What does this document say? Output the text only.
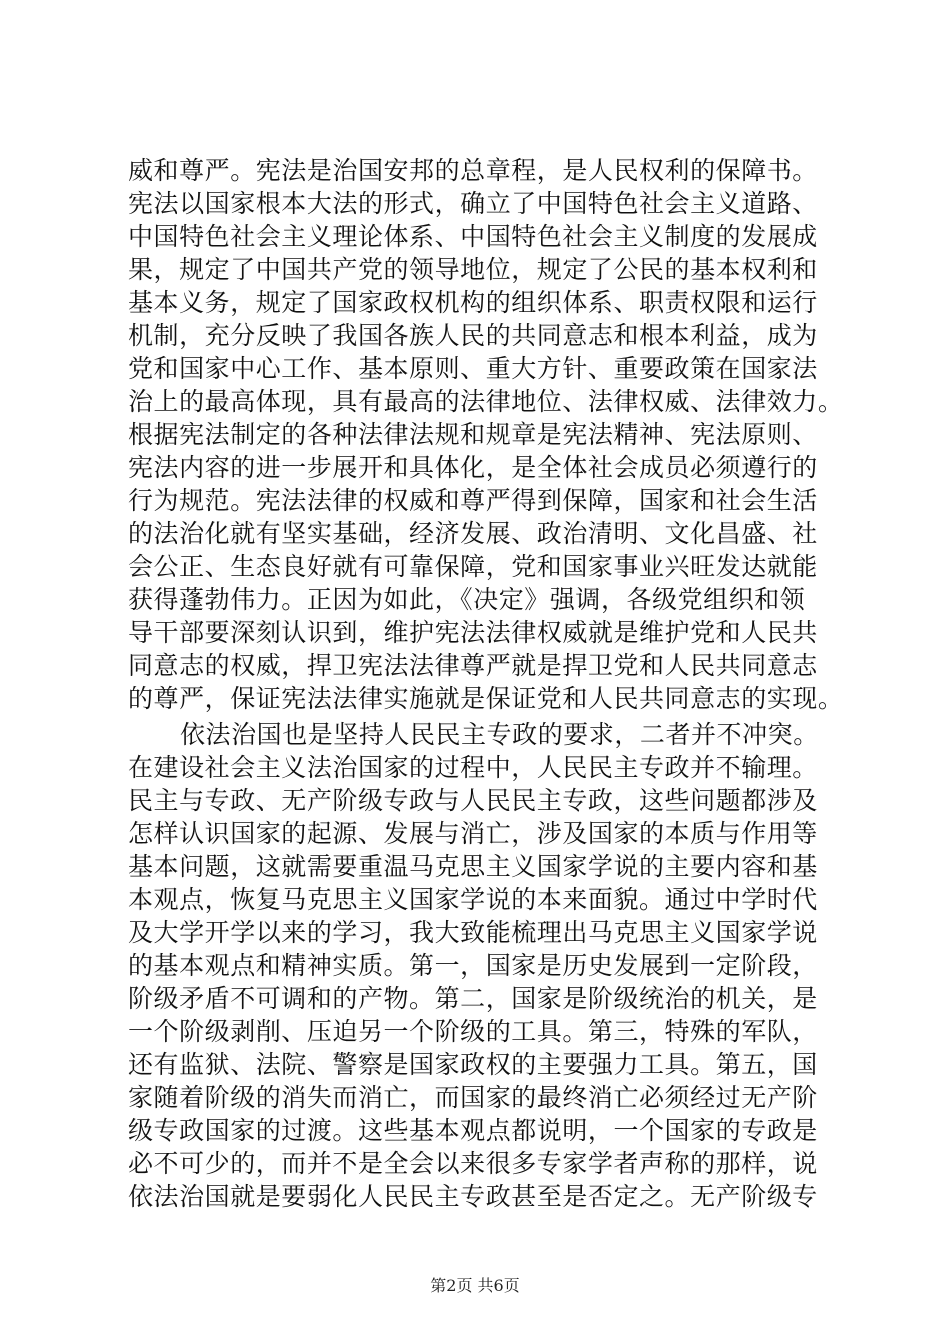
威和尊严。宪法是治国安邦的总章程，是人民权利的保障书。
宪法以国家根本大法的形式，确立了中国特色社会主义道路、
中国特色社会主义理论体系、中国特色社会主义制度的发展成
果，规定了中国共产党的领导地位，规定了公民的基本权利和
基本义务，规定了国家政权机构的组织体系、职责权限和运行
机制，充分反映了我国各族人民的共同意志和根本利益，成为
党和国家中心工作、基本原则、重大方针、重要政策在国家法
治上的最高体现，具有最高的法律地位、法律权威、法律效力。
根据宪法制定的各种法律法规和规章是宪法精神、宪法原则、
宪法内容的进一步展开和具体化，是全体社会成员必须遵行的
行为规范。宪法法律的权威和尊严得到保障，国家和社会生活
的法治化就有坚实基础，经济发展、政治清明、文化昌盛、社
会公正、生态良好就有可靠保障，党和国家事业兴旺发达就能
获得蓬勃伟力。正因为如此，《决定》强调，各级党组织和领
导干部要深刻认识到，维护宪法法律权威就是维护党和人民共
同意志的权威，捍卫宪法法律尊严就是捍卫党和人民共同意志
的尊严，保证宪法法律实施就是保证党和人民共同意志的实现。
依法治国也是坚持人民民主专政的要求，二者并不冲突。
在建设社会主义法治国家的过程中，人民民主专政并不输理。
民主与专政、无产阶级专政与人民民主专政，这些问题都涉及
怎样认识国家的起源、发展与消亡，涉及国家的本质与作用等
基本问题，这就需要重温马克思主义国家学说的主要内容和基
本观点，恢复马克思主义国家学说的本来面貌。通过中学时代
及大学开学以来的学习，我大致能梳理出马克思主义国家学说
的基本观点和精神实质。第一，国家是历史发展到一定阶段，
阶级矛盾不可调和的产物。第二，国家是阶级统治的机关，是
一个阶级剥削、压迫另一个阶级的工具。第三，特殊的军队，
还有监狱、法院、警察是国家政权的主要强力工具。第五，国
家随着阶级的消失而消亡，而国家的最终消亡必须经过无产阶
级专政国家的过渡。这些基本观点都说明，一个国家的专政是
必不可少的，而并不是全会以来很多专家学者声称的那样，说
依法治国就是要弱化人民民主专政甚至是否定之。无产阶级专
第2页 共6页
